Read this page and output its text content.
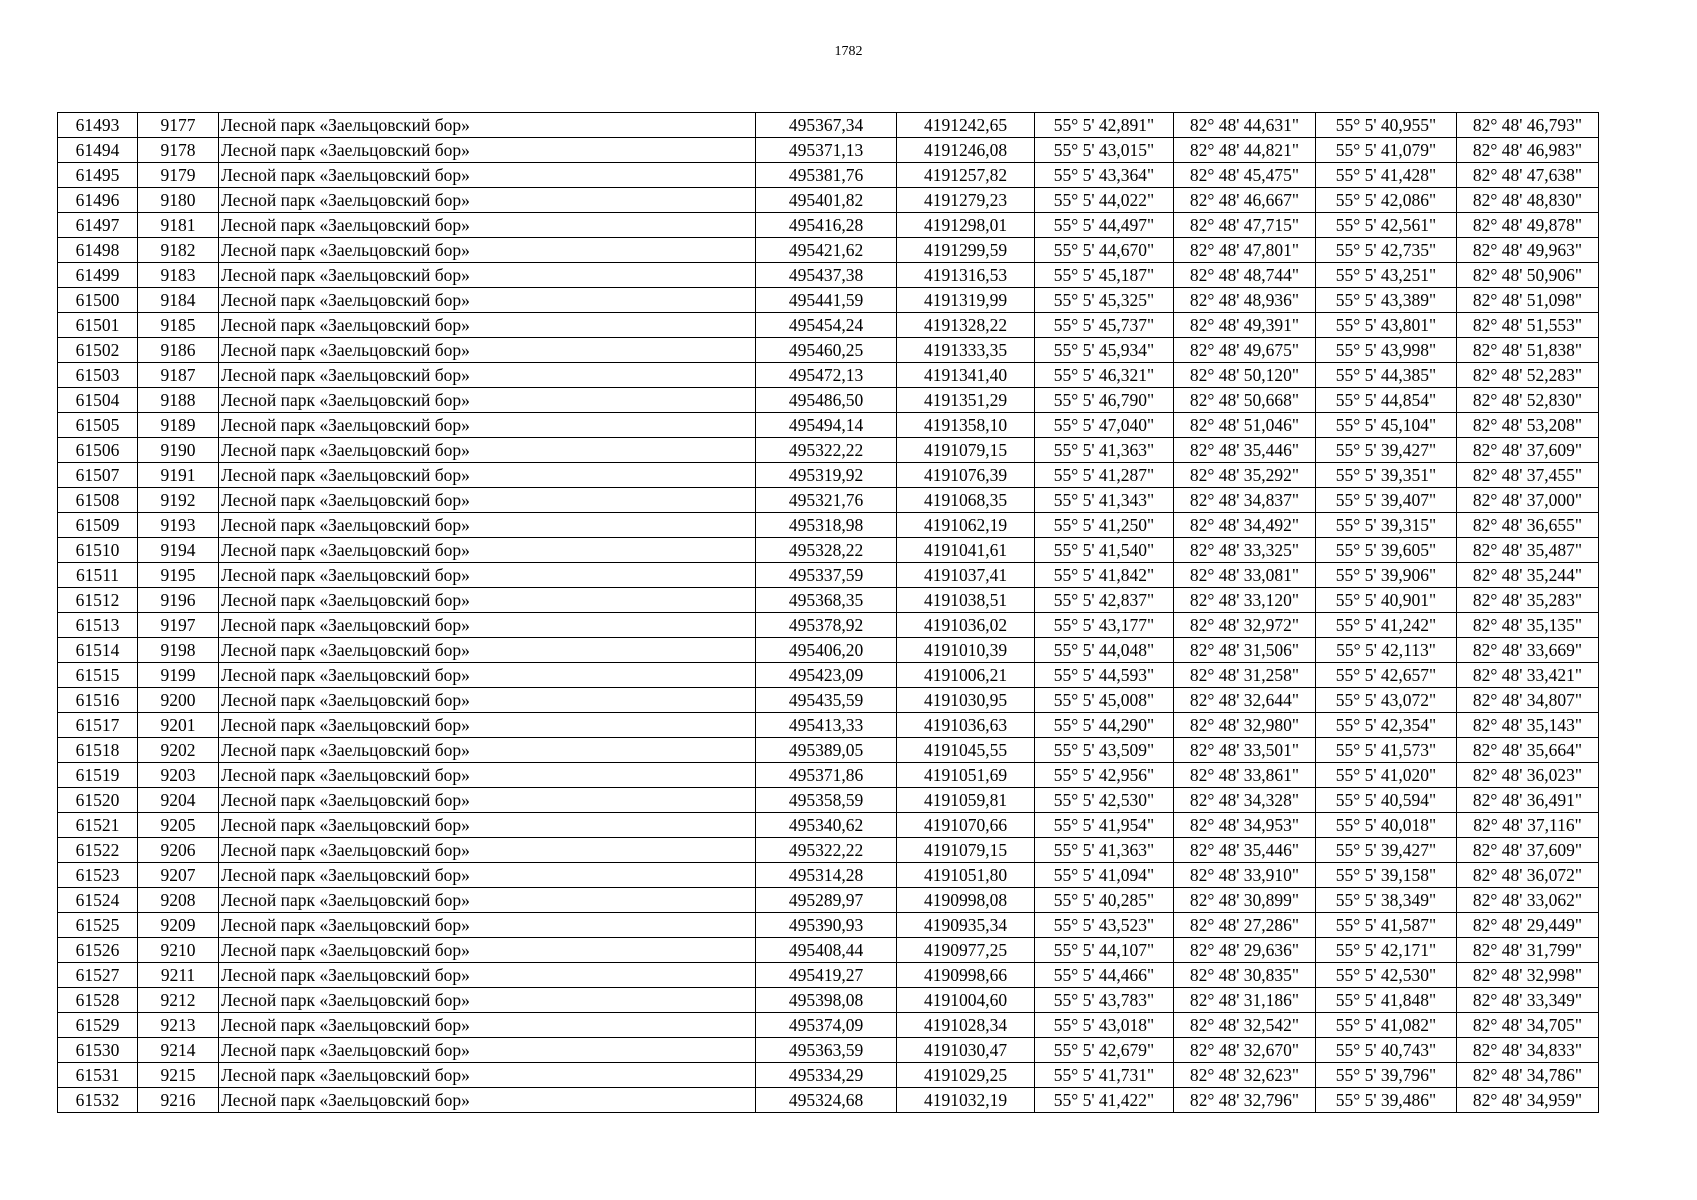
1782
61493	9177	Лесной парк «Заельцовский бор»	495367,34	4191242,65	55° 5' 42,891"	82° 48' 44,631"	55° 5' 40,955"	82° 48' 46,793"
61494	9178	Лесной парк «Заельцовский бор»	495371,13	4191246,08	55° 5' 43,015"	82° 48' 44,821"	55° 5' 41,079"	82° 48' 46,983"
61495	9179	Лесной парк «Заельцовский бор»	495381,76	4191257,82	55° 5' 43,364"	82° 48' 45,475"	55° 5' 41,428"	82° 48' 47,638"
61496	9180	Лесной парк «Заельцовский бор»	495401,82	4191279,23	55° 5' 44,022"	82° 48' 46,667"	55° 5' 42,086"	82° 48' 48,830"
61497	9181	Лесной парк «Заельцовский бор»	495416,28	4191298,01	55° 5' 44,497"	82° 48' 47,715"	55° 5' 42,561"	82° 48' 49,878"
61498	9182	Лесной парк «Заельцовский бор»	495421,62	4191299,59	55° 5' 44,670"	82° 48' 47,801"	55° 5' 42,735"	82° 48' 49,963"
61499	9183	Лесной парк «Заельцовский бор»	495437,38	4191316,53	55° 5' 45,187"	82° 48' 48,744"	55° 5' 43,251"	82° 48' 50,906"
61500	9184	Лесной парк «Заельцовский бор»	495441,59	4191319,99	55° 5' 45,325"	82° 48' 48,936"	55° 5' 43,389"	82° 48' 51,098"
61501	9185	Лесной парк «Заельцовский бор»	495454,24	4191328,22	55° 5' 45,737"	82° 48' 49,391"	55° 5' 43,801"	82° 48' 51,553"
61502	9186	Лесной парк «Заельцовский бор»	495460,25	4191333,35	55° 5' 45,934"	82° 48' 49,675"	55° 5' 43,998"	82° 48' 51,838"
61503	9187	Лесной парк «Заельцовский бор»	495472,13	4191341,40	55° 5' 46,321"	82° 48' 50,120"	55° 5' 44,385"	82° 48' 52,283"
61504	9188	Лесной парк «Заельцовский бор»	495486,50	4191351,29	55° 5' 46,790"	82° 48' 50,668"	55° 5' 44,854"	82° 48' 52,830"
61505	9189	Лесной парк «Заельцовский бор»	495494,14	4191358,10	55° 5' 47,040"	82° 48' 51,046"	55° 5' 45,104"	82° 48' 53,208"
61506	9190	Лесной парк «Заельцовский бор»	495322,22	4191079,15	55° 5' 41,363"	82° 48' 35,446"	55° 5' 39,427"	82° 48' 37,609"
61507	9191	Лесной парк «Заельцовский бор»	495319,92	4191076,39	55° 5' 41,287"	82° 48' 35,292"	55° 5' 39,351"	82° 48' 37,455"
61508	9192	Лесной парк «Заельцовский бор»	495321,76	4191068,35	55° 5' 41,343"	82° 48' 34,837"	55° 5' 39,407"	82° 48' 37,000"
61509	9193	Лесной парк «Заельцовский бор»	495318,98	4191062,19	55° 5' 41,250"	82° 48' 34,492"	55° 5' 39,315"	82° 48' 36,655"
61510	9194	Лесной парк «Заельцовский бор»	495328,22	4191041,61	55° 5' 41,540"	82° 48' 33,325"	55° 5' 39,605"	82° 48' 35,487"
61511	9195	Лесной парк «Заельцовский бор»	495337,59	4191037,41	55° 5' 41,842"	82° 48' 33,081"	55° 5' 39,906"	82° 48' 35,244"
61512	9196	Лесной парк «Заельцовский бор»	495368,35	4191038,51	55° 5' 42,837"	82° 48' 33,120"	55° 5' 40,901"	82° 48' 35,283"
61513	9197	Лесной парк «Заельцовский бор»	495378,92	4191036,02	55° 5' 43,177"	82° 48' 32,972"	55° 5' 41,242"	82° 48' 35,135"
61514	9198	Лесной парк «Заельцовский бор»	495406,20	4191010,39	55° 5' 44,048"	82° 48' 31,506"	55° 5' 42,113"	82° 48' 33,669"
61515	9199	Лесной парк «Заельцовский бор»	495423,09	4191006,21	55° 5' 44,593"	82° 48' 31,258"	55° 5' 42,657"	82° 48' 33,421"
61516	9200	Лесной парк «Заельцовский бор»	495435,59	4191030,95	55° 5' 45,008"	82° 48' 32,644"	55° 5' 43,072"	82° 48' 34,807"
61517	9201	Лесной парк «Заельцовский бор»	495413,33	4191036,63	55° 5' 44,290"	82° 48' 32,980"	55° 5' 42,354"	82° 48' 35,143"
61518	9202	Лесной парк «Заельцовский бор»	495389,05	4191045,55	55° 5' 43,509"	82° 48' 33,501"	55° 5' 41,573"	82° 48' 35,664"
61519	9203	Лесной парк «Заельцовский бор»	495371,86	4191051,69	55° 5' 42,956"	82° 48' 33,861"	55° 5' 41,020"	82° 48' 36,023"
61520	9204	Лесной парк «Заельцовский бор»	495358,59	4191059,81	55° 5' 42,530"	82° 48' 34,328"	55° 5' 40,594"	82° 48' 36,491"
61521	9205	Лесной парк «Заельцовский бор»	495340,62	4191070,66	55° 5' 41,954"	82° 48' 34,953"	55° 5' 40,018"	82° 48' 37,116"
61522	9206	Лесной парк «Заельцовский бор»	495322,22	4191079,15	55° 5' 41,363"	82° 48' 35,446"	55° 5' 39,427"	82° 48' 37,609"
61523	9207	Лесной парк «Заельцовский бор»	495314,28	4191051,80	55° 5' 41,094"	82° 48' 33,910"	55° 5' 39,158"	82° 48' 36,072"
61524	9208	Лесной парк «Заельцовский бор»	495289,97	4190998,08	55° 5' 40,285"	82° 48' 30,899"	55° 5' 38,349"	82° 48' 33,062"
61525	9209	Лесной парк «Заельцовский бор»	495390,93	4190935,34	55° 5' 43,523"	82° 48' 27,286"	55° 5' 41,587"	82° 48' 29,449"
61526	9210	Лесной парк «Заельцовский бор»	495408,44	4190977,25	55° 5' 44,107"	82° 48' 29,636"	55° 5' 42,171"	82° 48' 31,799"
61527	9211	Лесной парк «Заельцовский бор»	495419,27	4190998,66	55° 5' 44,466"	82° 48' 30,835"	55° 5' 42,530"	82° 48' 32,998"
61528	9212	Лесной парк «Заельцовский бор»	495398,08	4191004,60	55° 5' 43,783"	82° 48' 31,186"	55° 5' 41,848"	82° 48' 33,349"
61529	9213	Лесной парк «Заельцовский бор»	495374,09	4191028,34	55° 5' 43,018"	82° 48' 32,542"	55° 5' 41,082"	82° 48' 34,705"
61530	9214	Лесной парк «Заельцовский бор»	495363,59	4191030,47	55° 5' 42,679"	82° 48' 32,670"	55° 5' 40,743"	82° 48' 34,833"
61531	9215	Лесной парк «Заельцовский бор»	495334,29	4191029,25	55° 5' 41,731"	82° 48' 32,623"	55° 5' 39,796"	82° 48' 34,786"
61532	9216	Лесной парк «Заельцовский бор»	495324,68	4191032,19	55° 5' 41,422"	82° 48' 32,796"	55° 5' 39,486"	82° 48' 34,959"
